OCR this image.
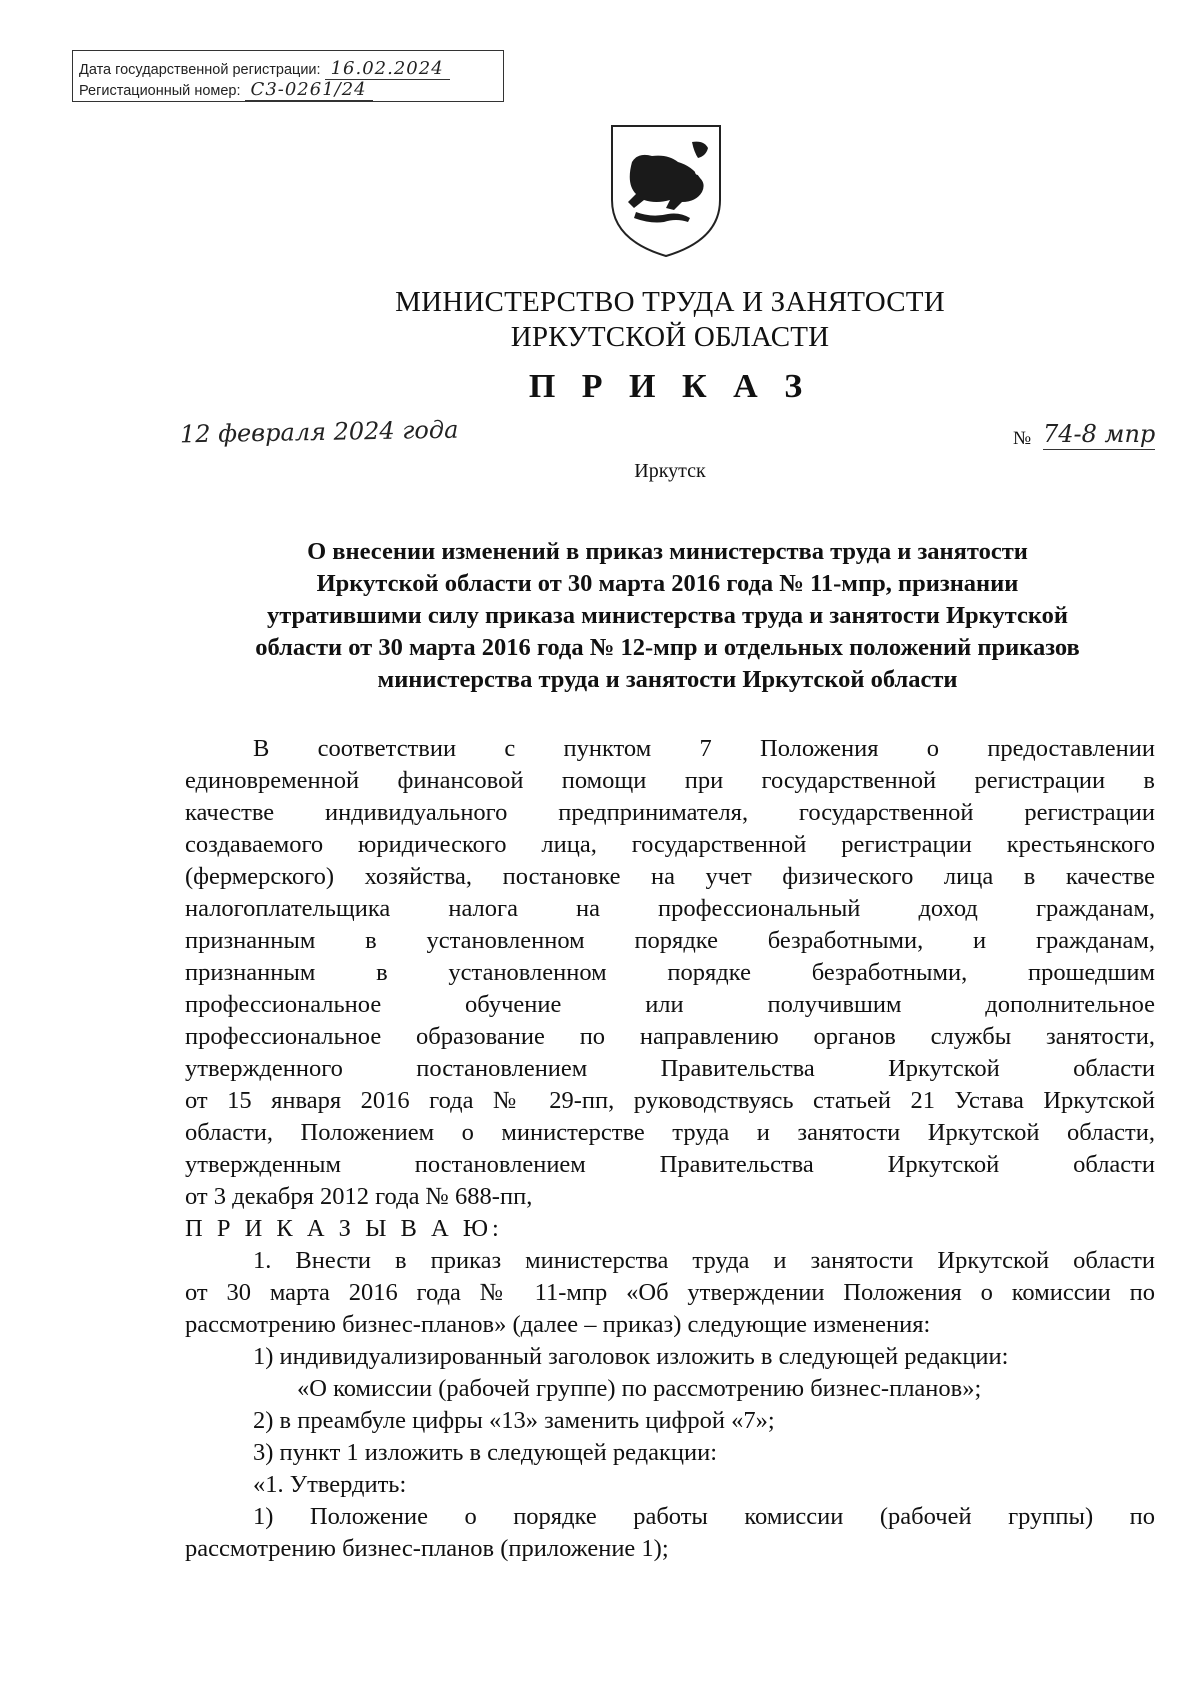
Дата государственной регистрации: 16.02.2024
Регистационный номер: С3-0261/24
МИНИСТЕРСТВО ТРУДА И ЗАНЯТОСТИ
ИРКУТСКОЙ ОБЛАСТИ
П Р И К А З
12 февраля 2024 года	№ 74-8 мпр
Иркутск
О внесении изменений в приказ министерства труда и занятости
Иркутской области от 30 марта 2016 года № 11-мпр, признании
утратившими силу приказа министерства труда и занятости Иркутской
области от 30 марта 2016 года № 12-мпр и отдельных положений приказов
министерства труда и занятости Иркутской области
В соответствии с пунктом 7 Положения о предоставлении
единовременной финансовой помощи при государственной регистрации в
качестве индивидуального предпринимателя, государственной регистрации
создаваемого юридического лица, государственной регистрации крестьянского
(фермерского) хозяйства, постановке на учет физического лица в качестве
налогоплательщика налога на профессиональный доход гражданам,
признанным в установленном порядке безработными, и гражданам,
признанным в установленном порядке безработными, прошедшим
профессиональное обучение или получившим дополнительное
профессиональное образование по направлению органов службы занятости,
утвержденного постановлением Правительства Иркутской области
от 15 января 2016 года № 29-пп, руководствуясь статьей 21 Устава Иркутской
области, Положением о министерстве труда и занятости Иркутской области,
утвержденным постановлением Правительства Иркутской области
от 3 декабря 2012 года № 688-пп,
П Р И К А З Ы В А Ю:
1. Внести в приказ министерства труда и занятости Иркутской области
от 30 марта 2016 года № 11-мпр «Об утверждении Положения о комиссии по
рассмотрению бизнес-планов» (далее – приказ) следующие изменения:
1) индивидуализированный заголовок изложить в следующей редакции:
«О комиссии (рабочей группе) по рассмотрению бизнес-планов»;
2) в преамбуле цифры «13» заменить цифрой «7»;
3) пункт 1 изложить в следующей редакции:
«1. Утвердить:
1) Положение о порядке работы комиссии (рабочей группы) по
рассмотрению бизнес-планов (приложение 1);
